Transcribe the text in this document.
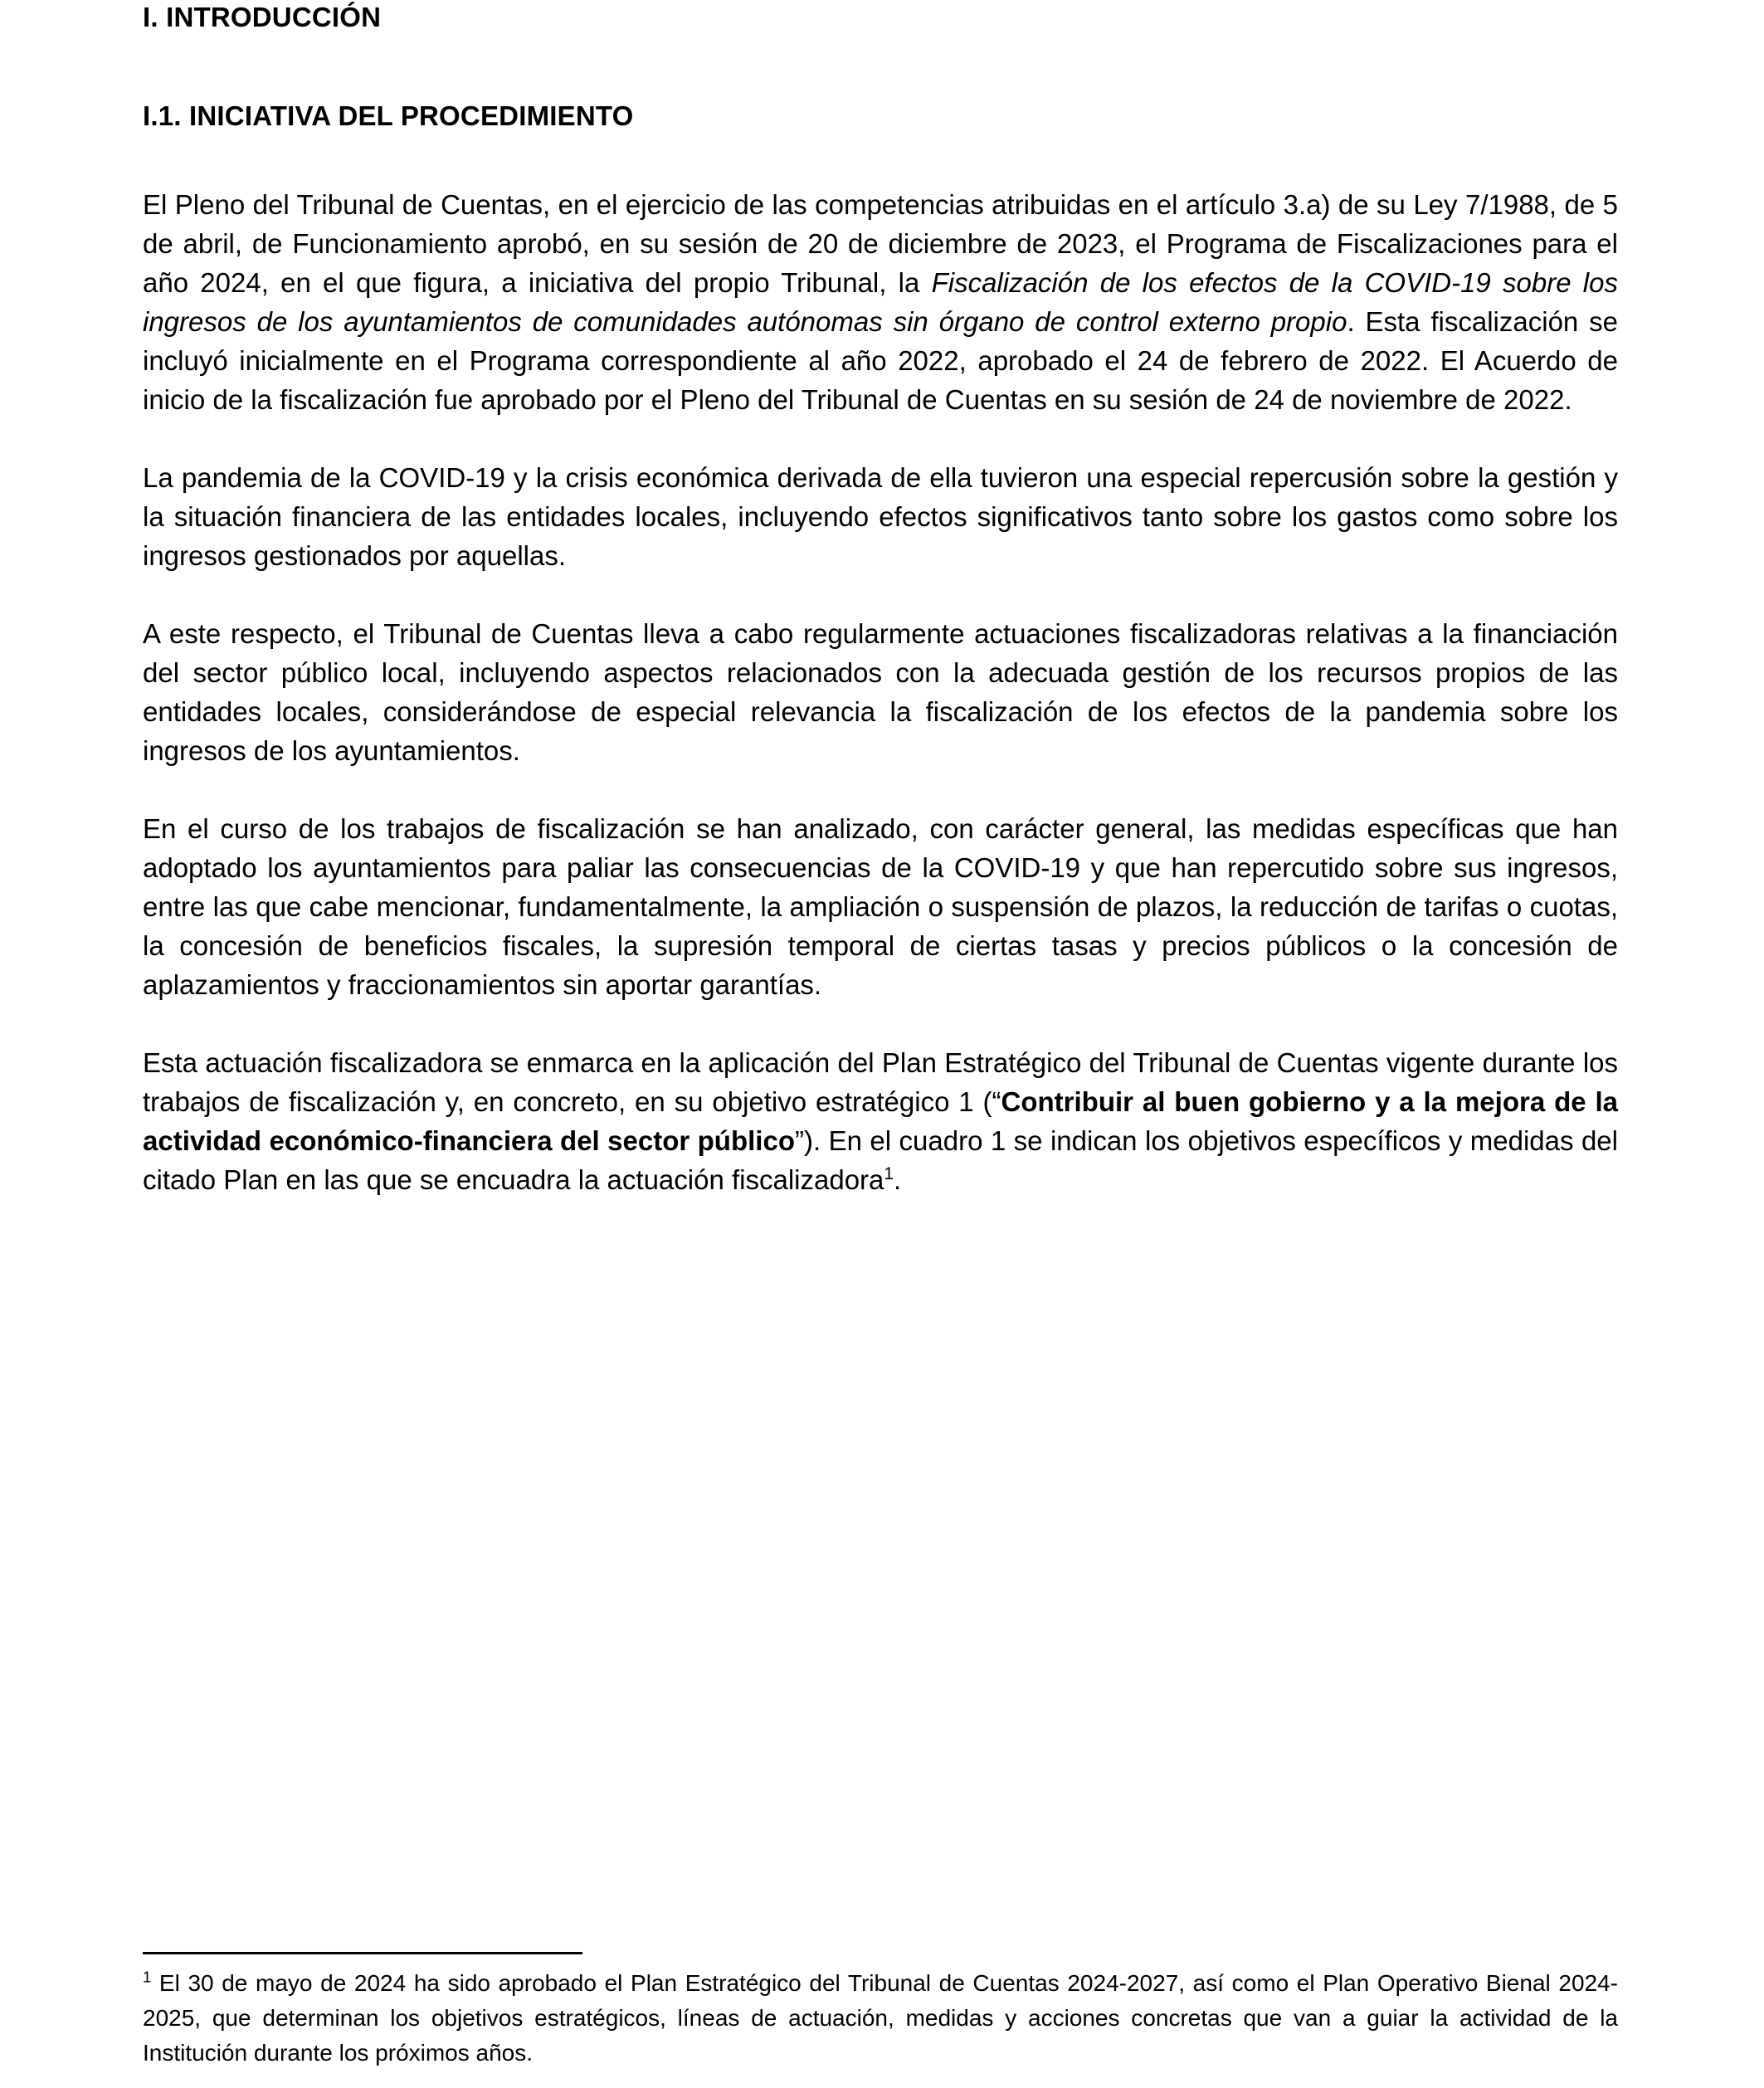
I. INTRODUCCIÓN
I.1. INICIATIVA DEL PROCEDIMIENTO

El Pleno del Tribunal de Cuentas, en el ejercicio de las competencias atribuidas en el artículo 3.a) de su Ley 7/1988, de 5 de abril, de Funcionamiento aprobó, en su sesión de 20 de diciembre de 2023, el Programa de Fiscalizaciones para el año 2024, en el que figura, a iniciativa del propio Tribunal, la Fiscalización de los efectos de la COVID-19 sobre los ingresos de los ayuntamientos de comunidades autónomas sin órgano de control externo propio. Esta fiscalización se incluyó inicialmente en el Programa correspondiente al año 2022, aprobado el 24 de febrero de 2022. El Acuerdo de inicio de la fiscalización fue aprobado por el Pleno del Tribunal de Cuentas en su sesión de 24 de noviembre de 2022.

La pandemia de la COVID-19 y la crisis económica derivada de ella tuvieron una especial repercusión sobre la gestión y la situación financiera de las entidades locales, incluyendo efectos significativos tanto sobre los gastos como sobre los ingresos gestionados por aquellas.

A este respecto, el Tribunal de Cuentas lleva a cabo regularmente actuaciones fiscalizadoras relativas a la financiación del sector público local, incluyendo aspectos relacionados con la adecuada gestión de los recursos propios de las entidades locales, considerándose de especial relevancia la fiscalización de los efectos de la pandemia sobre los ingresos de los ayuntamientos.

En el curso de los trabajos de fiscalización se han analizado, con carácter general, las medidas específicas que han adoptado los ayuntamientos para paliar las consecuencias de la COVID-19 y que han repercutido sobre sus ingresos, entre las que cabe mencionar, fundamentalmente, la ampliación o suspensión de plazos, la reducción de tarifas o cuotas, la concesión de beneficios fiscales, la supresión temporal de ciertas tasas y precios públicos o la concesión de aplazamientos y fraccionamientos sin aportar garantías.

Esta actuación fiscalizadora se enmarca en la aplicación del Plan Estratégico del Tribunal de Cuentas vigente durante los trabajos de fiscalización y, en concreto, en su objetivo estratégico 1 (“Contribuir al buen gobierno y a la mejora de la actividad económico-financiera del sector público”). En el cuadro 1 se indican los objetivos específicos y medidas del citado Plan en las que se encuadra la actuación fiscalizadora$^1$.

$^1$ El 30 de mayo de 2024 ha sido aprobado el Plan Estratégico del Tribunal de Cuentas 2024-2027, así como el Plan Operativo Bienal 2024-2025, que determinan los objetivos estratégicos, líneas de actuación, medidas y acciones concretas que van a guiar la actividad de la Institución durante los próximos años.
